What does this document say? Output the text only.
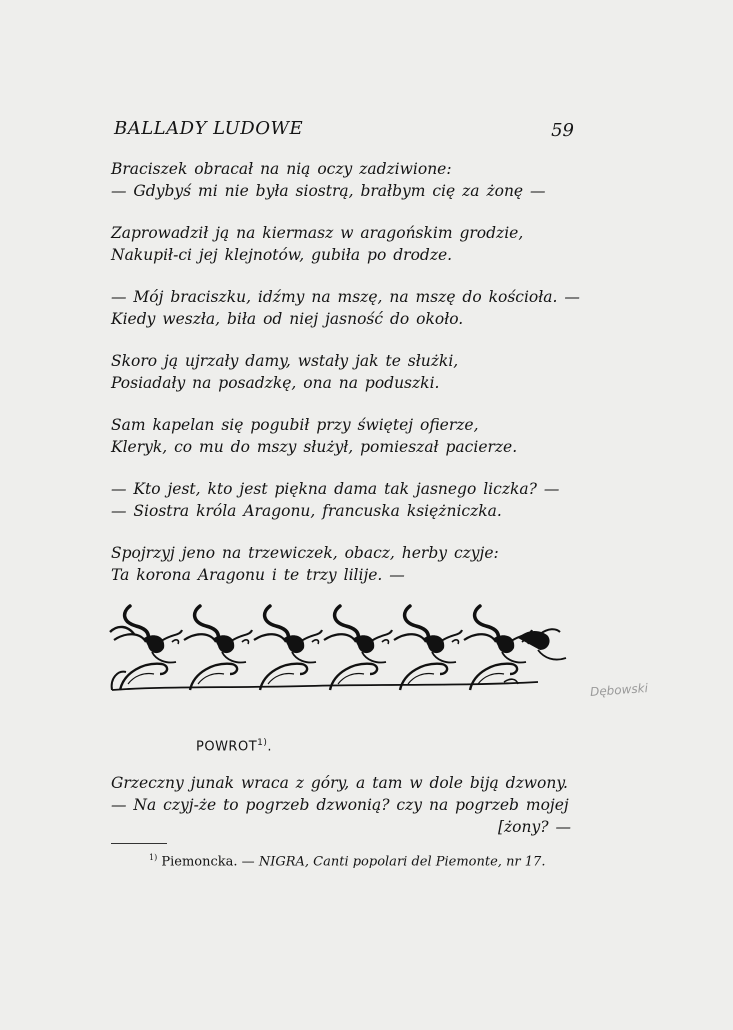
BALLADY LUDOWE	59
Braciszek obracał na nią oczy zadziwione:
— Gdybyś mi nie była siostrą, brałbym cię za żonę —
Zaprowadził ją na kiermasz w aragońskim grodzie,
Nakupił-ci jej klejnotów, gubiła po drodze.
— Mój braciszku, idźmy na mszę, na mszę do kościoła. —
Kiedy weszła, biła od niej jasność do około.
Skoro ją ujrzały damy, wstały jak te służki,
Posiadały na posadzkę, ona na poduszki.
Sam kapelan się pogubił przy świętej ofierze,
Kleryk, co mu do mszy służył, pomieszał pacierze.
— Kto jest, kto jest piękna dama tak jasnego liczka? —
— Siostra króla Aragonu, francuska księżniczka.
Spojrzyj jeno na trzewiczek, obacz, herby czyje:
Ta korona Aragonu i te trzy lilije. —
Dębowski
POWROT$^{1)}$.
Grzeczny junak wraca z góry, a tam w dole biją dzwony.
— Na czyj-że to pogrzeb dzwonią? czy na pogrzeb mojej
[żony? —
$^{1)}$ Piemoncka. — NIGRA, Canti popolari del Piemonte, nr 17.
